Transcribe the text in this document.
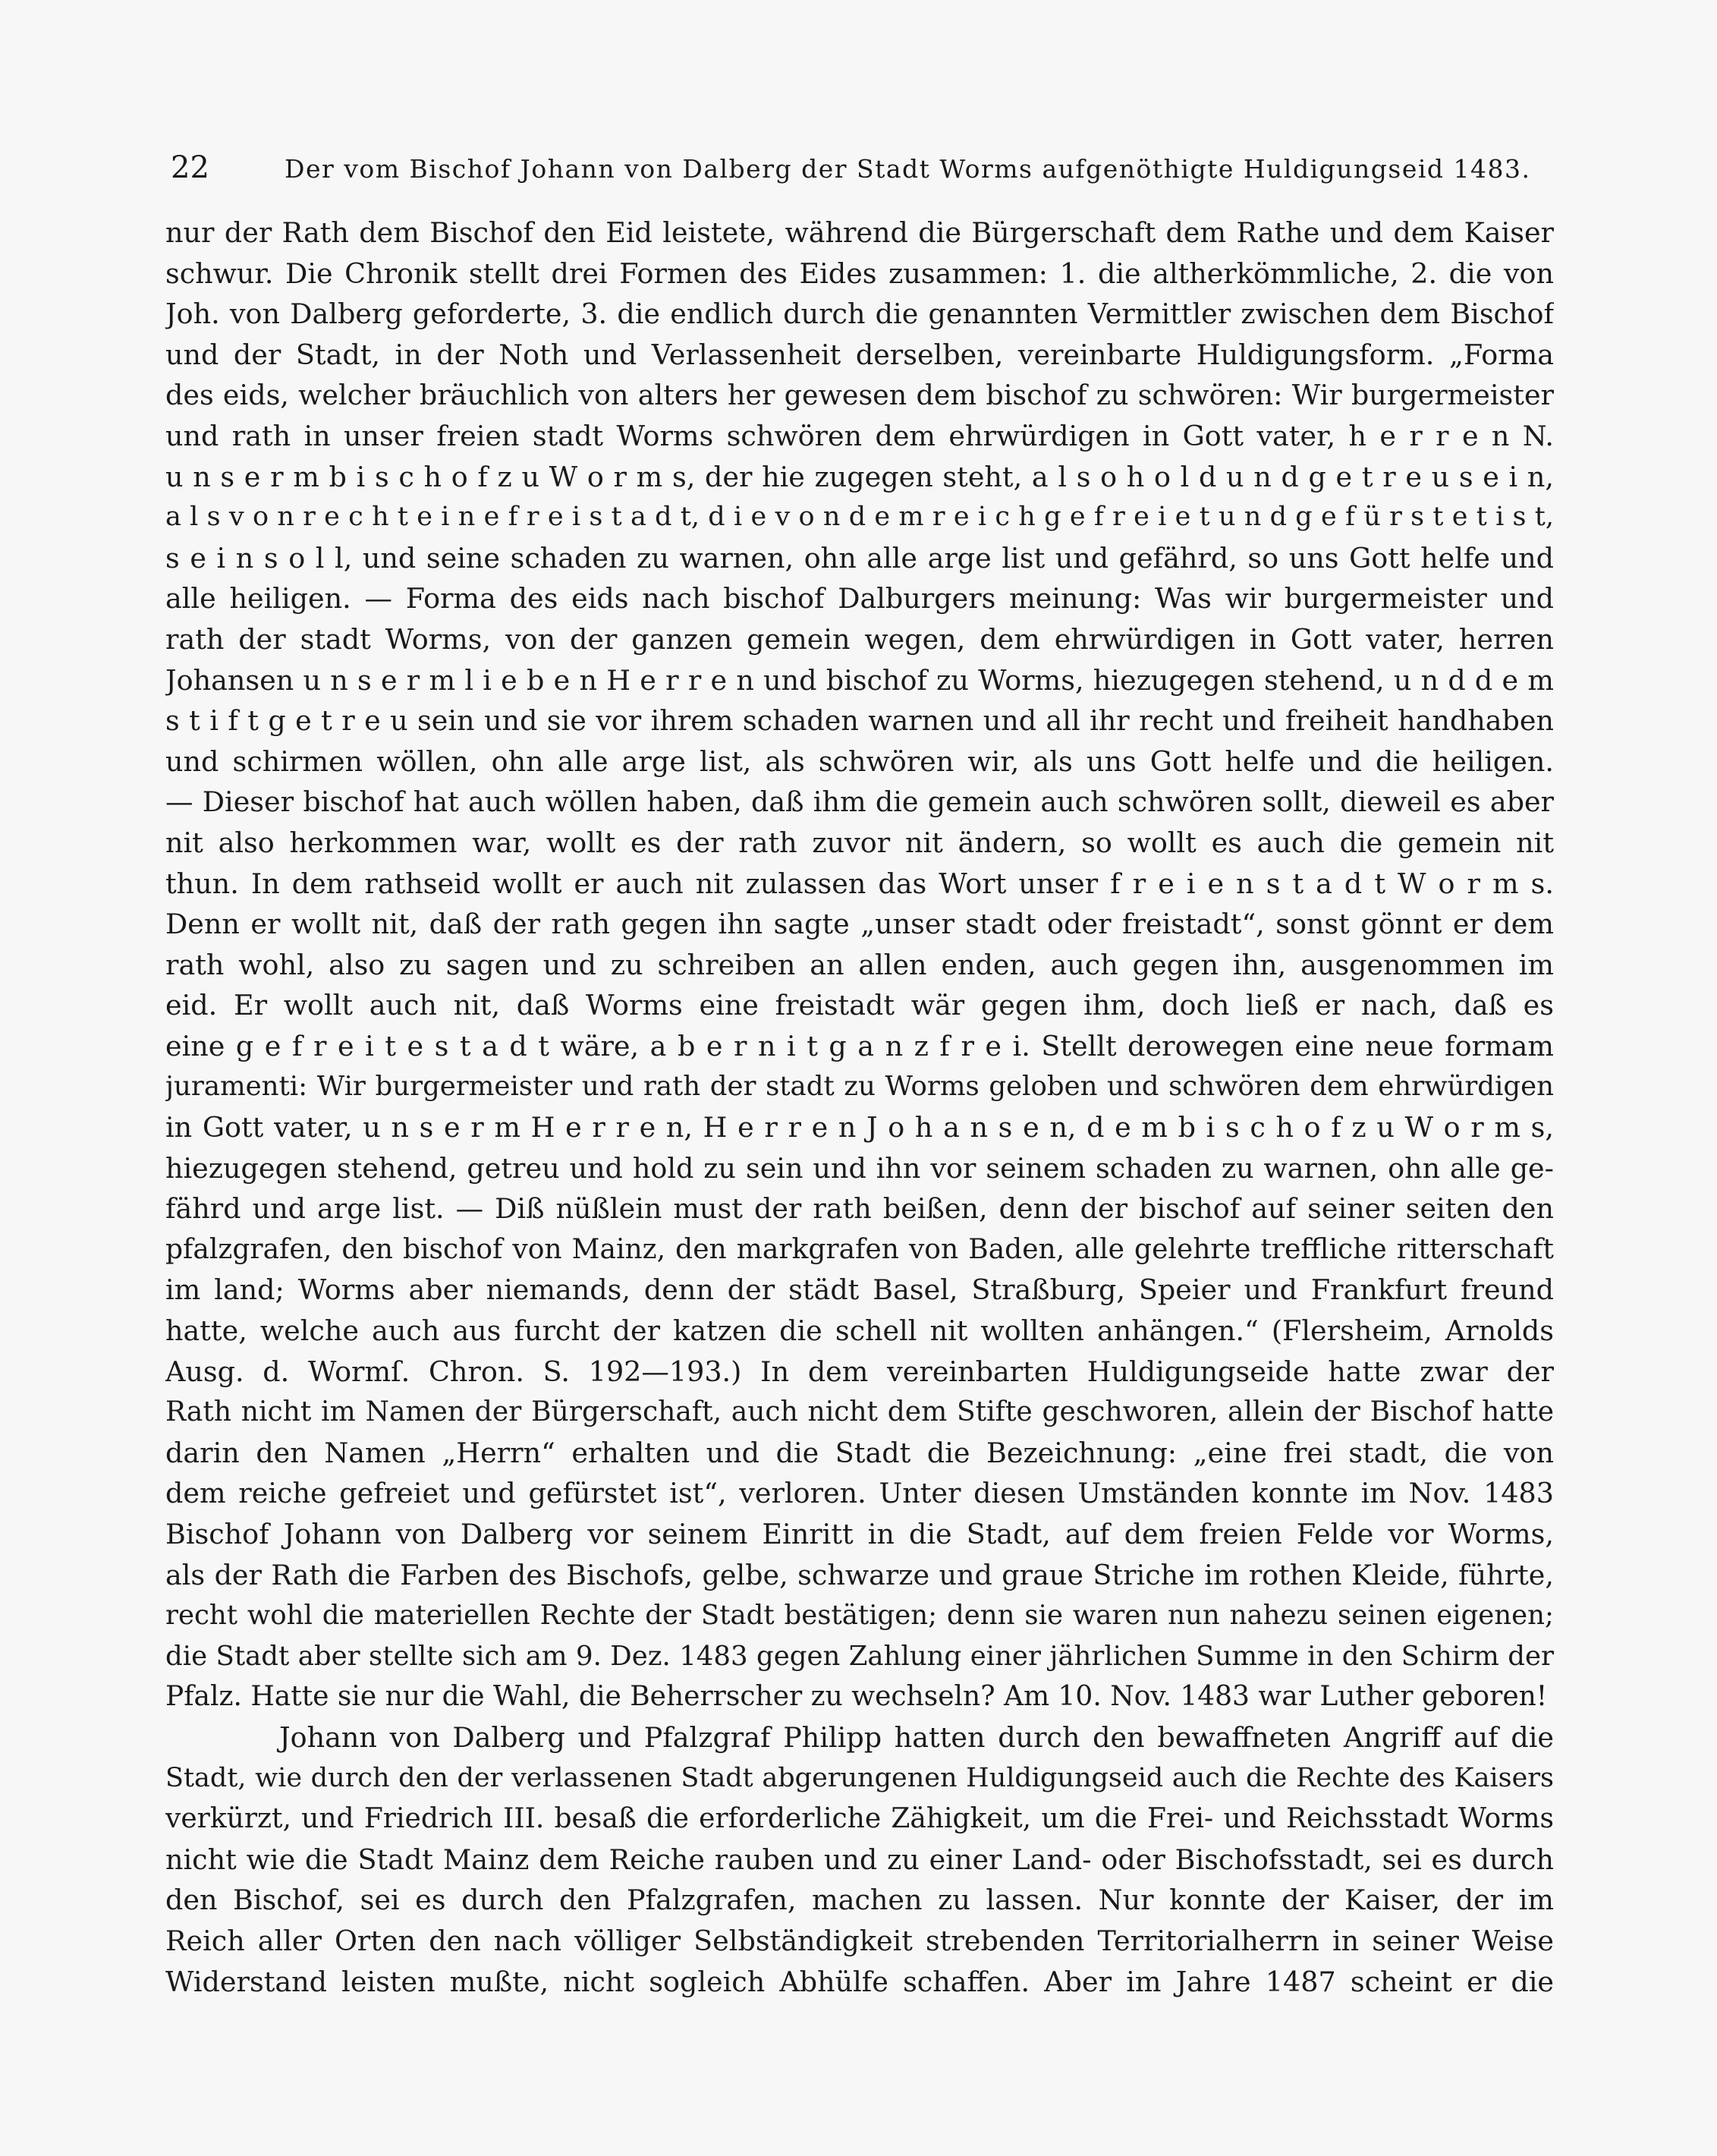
22	Der vom Bischof Johann von Dalberg der Stadt Worms aufgenöthigte Huldigungseid 1483.
nur der Rath dem Bischof den Eid leistete, während die Bürgerschaft dem Rathe und dem Kaiser
schwur. Die Chronik stellt drei Formen des Eides zusammen: 1. die altherkömmliche, 2. die von
Joh. von Dalberg geforderte, 3. die endlich durch die genannten Vermittler zwischen dem Bischof
und der Stadt, in der Noth und Verlassenheit derselben, vereinbarte Huldigungsform. „Forma
des eids, welcher bräuchlich von alters her gewesen dem bischof zu schwören: Wir burgermeister
und rath in unser freien stadt Worms schwören dem ehrwürdigen in Gott vater, h e r r e n N.
u n s e r m b i s c h o f z u W o r m s, der hie zugegen steht, a l s o h o l d u n d g e t r e u s e i n,
a l s v o n r e c h t e i n e f r e i s t a d t, d i e v o n d e m r e i c h g e f r e i e t u n d g e f ü r s t e t i s t,
s e i n s o l l, und seine schaden zu warnen, ohn alle arge list und gefährd, so uns Gott helfe und
alle heiligen. — Forma des eids nach bischof Dalburgers meinung: Was wir burgermeister und
rath der stadt Worms, von der ganzen gemein wegen, dem ehrwürdigen in Gott vater, herren
Johansen u n s e r m l i e b e n H e r r e n und bischof zu Worms, hiezugegen stehend, u n d d e m
s t i f t g e t r e u sein und sie vor ihrem schaden warnen und all ihr recht und freiheit handhaben
und schirmen wöllen, ohn alle arge list, als schwören wir, als uns Gott helfe und die heiligen.
— Dieser bischof hat auch wöllen haben, daß ihm die gemein auch schwören sollt, dieweil es aber
nit also herkommen war, wollt es der rath zuvor nit ändern, so wollt es auch die gemein nit
thun. In dem rathseid wollt er auch nit zulassen das Wort unser f r e i e n s t a d t W o r m s.
Denn er wollt nit, daß der rath gegen ihn sagte „unser stadt oder freistadt“, sonst gönnt er dem
rath wohl, also zu sagen und zu schreiben an allen enden, auch gegen ihn, ausgenommen im
eid. Er wollt auch nit, daß Worms eine freistadt wär gegen ihm, doch ließ er nach, daß es
eine g e f r e i t e s t a d t wäre, a b e r n i t g a n z f r e i. Stellt derowegen eine neue formam
juramenti: Wir burgermeister und rath der stadt zu Worms geloben und schwören dem ehrwürdigen
in Gott vater, u n s e r m H e r r e n, H e r r e n J o h a n s e n, d e m b i s c h o f z u W o r m s,
hiezugegen stehend, getreu und hold zu sein und ihn vor seinem schaden zu warnen, ohn alle ge-
fährd und arge list. — Diß nüßlein must der rath beißen, denn der bischof auf seiner seiten den
pfalzgrafen, den bischof von Mainz, den markgrafen von Baden, alle gelehrte treffliche ritterschaft
im land; Worms aber niemands, denn der städt Basel, Straßburg, Speier und Frankfurt freund
hatte, welche auch aus furcht der katzen die schell nit wollten anhängen.“ (Flersheim, Arnolds
Ausg. d. Wormſ. Chron. S. 192—193.) In dem vereinbarten Huldigungseide hatte zwar der
Rath nicht im Namen der Bürgerschaft, auch nicht dem Stifte geschworen, allein der Bischof hatte
darin den Namen „Herrn“ erhalten und die Stadt die Bezeichnung: „eine frei stadt, die von
dem reiche gefreiet und gefürstet ist“, verloren. Unter diesen Umständen konnte im Nov. 1483
Bischof Johann von Dalberg vor seinem Einritt in die Stadt, auf dem freien Felde vor Worms,
als der Rath die Farben des Bischofs, gelbe, schwarze und graue Striche im rothen Kleide, führte,
recht wohl die materiellen Rechte der Stadt bestätigen; denn sie waren nun nahezu seinen eigenen;
die Stadt aber stellte sich am 9. Dez. 1483 gegen Zahlung einer jährlichen Summe in den Schirm der
Pfalz. Hatte sie nur die Wahl, die Beherrscher zu wechseln? Am 10. Nov. 1483 war Luther geboren!
Johann von Dalberg und Pfalzgraf Philipp hatten durch den bewaffneten Angriff auf die
Stadt, wie durch den der verlassenen Stadt abgerungenen Huldigungseid auch die Rechte des Kaisers
verkürzt, und Friedrich III. besaß die erforderliche Zähigkeit, um die Frei- und Reichsstadt Worms
nicht wie die Stadt Mainz dem Reiche rauben und zu einer Land- oder Bischofsstadt, sei es durch
den Bischof, sei es durch den Pfalzgrafen, machen zu lassen. Nur konnte der Kaiser, der im
Reich aller Orten den nach völliger Selbständigkeit strebenden Territorialherrn in seiner Weise
Widerstand leisten mußte, nicht sogleich Abhülfe schaffen. Aber im Jahre 1487 scheint er die
